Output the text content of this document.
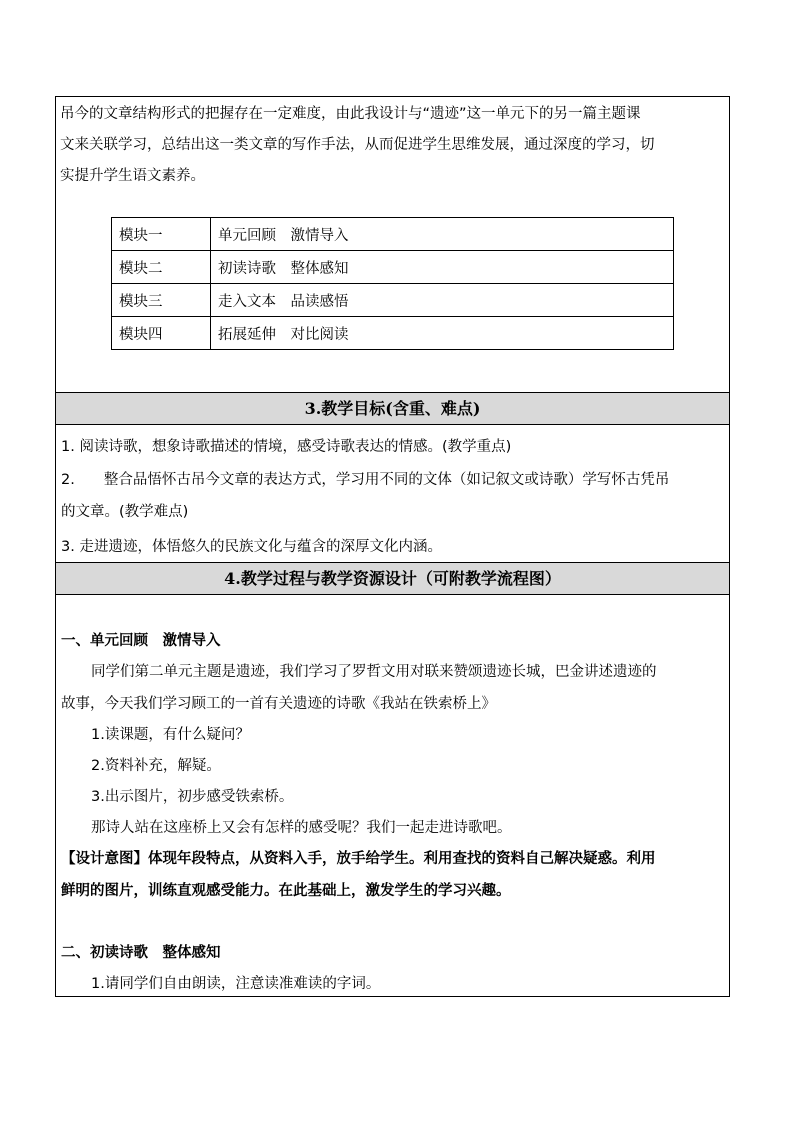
吊今的文章结构形式的把握存在一定难度，由此我设计与“遗迹”这一单元下的另一篇主题课
文来关联学习，总结出这一类文章的写作手法，从而促进学生思维发展，通过深度的学习，切
实提升学生语文素养。
模块一	单元回顾　激情导入
模块二	初读诗歌　整体感知
模块三	走入文本　品读感悟
模块四	拓展延伸　对比阅读
3.教学目标(含重、难点)
1. 阅读诗歌，想象诗歌描述的情境，感受诗歌表达的情感。(教学重点)
2.　　整合品悟怀古吊今文章的表达方式，学习用不同的文体（如记叙文或诗歌）学写怀古凭吊
的文章。(教学难点)
3. 走进遗迹，体悟悠久的民族文化与蕴含的深厚文化内涵。
4.教学过程与教学资源设计（可附教学流程图）
一、单元回顾　激情导入
同学们第二单元主题是遗迹，我们学习了罗哲文用对联来赞颂遗迹长城，巴金讲述遗迹的
故事，今天我们学习顾工的一首有关遗迹的诗歌《我站在铁索桥上》
1.读课题，有什么疑问？
2.资料补充，解疑。
3.出示图片，初步感受铁索桥。
那诗人站在这座桥上又会有怎样的感受呢？我们一起走进诗歌吧。
【设计意图】体现年段特点，从资料入手，放手给学生。利用查找的资料自己解决疑惑。利用
鲜明的图片，训练直观感受能力。在此基础上，激发学生的学习兴趣。
二、初读诗歌　整体感知
1.请同学们自由朗读，注意读准难读的字词。
